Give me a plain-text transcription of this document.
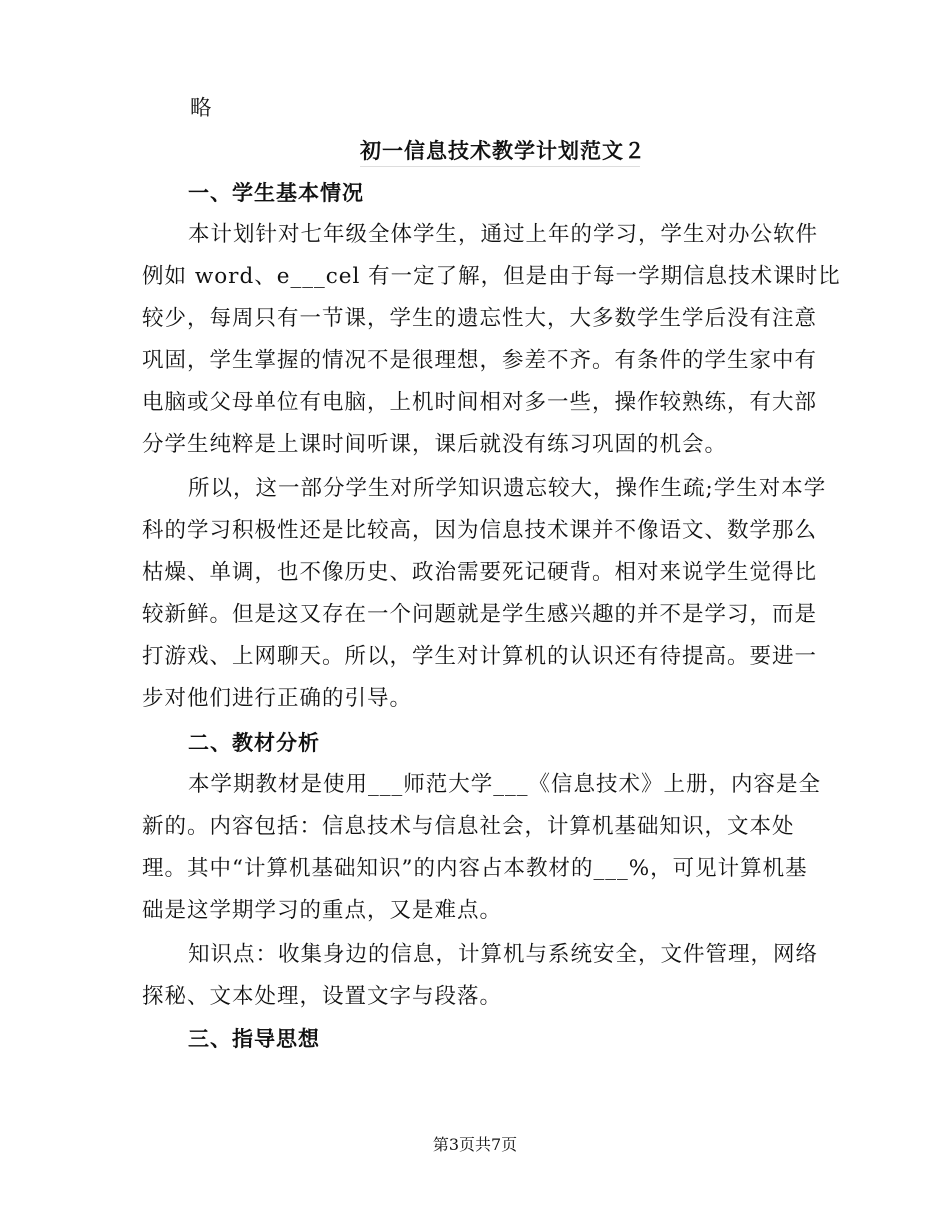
略
初一信息技术教学计划范文２
一、学生基本情况
本计划针对七年级全体学生，通过上年的学习，学生对办公软件
例如 word、e___cel 有一定了解，但是由于每一学期信息技术课时比
较少，每周只有一节课，学生的遗忘性大，大多数学生学后没有注意
巩固，学生掌握的情况不是很理想，参差不齐。有条件的学生家中有
电脑或父母单位有电脑，上机时间相对多一些，操作较熟练，有大部
分学生纯粹是上课时间听课，课后就没有练习巩固的机会。
所以，这一部分学生对所学知识遗忘较大，操作生疏;学生对本学
科的学习积极性还是比较高，因为信息技术课并不像语文、数学那么
枯燥、单调，也不像历史、政治需要死记硬背。相对来说学生觉得比
较新鲜。但是这又存在一个问题就是学生感兴趣的并不是学习，而是
打游戏、上网聊天。所以，学生对计算机的认识还有待提高。要进一
步对他们进行正确的引导。
二、教材分析
本学期教材是使用___师范大学___《信息技术》上册，内容是全
新的。内容包括：信息技术与信息社会，计算机基础知识，文本处
理。其中“计算机基础知识”的内容占本教材的___%，可见计算机基
础是这学期学习的重点，又是难点。
知识点：收集身边的信息，计算机与系统安全，文件管理，网络
探秘、文本处理，设置文字与段落。
三、指导思想
第3页共7页
